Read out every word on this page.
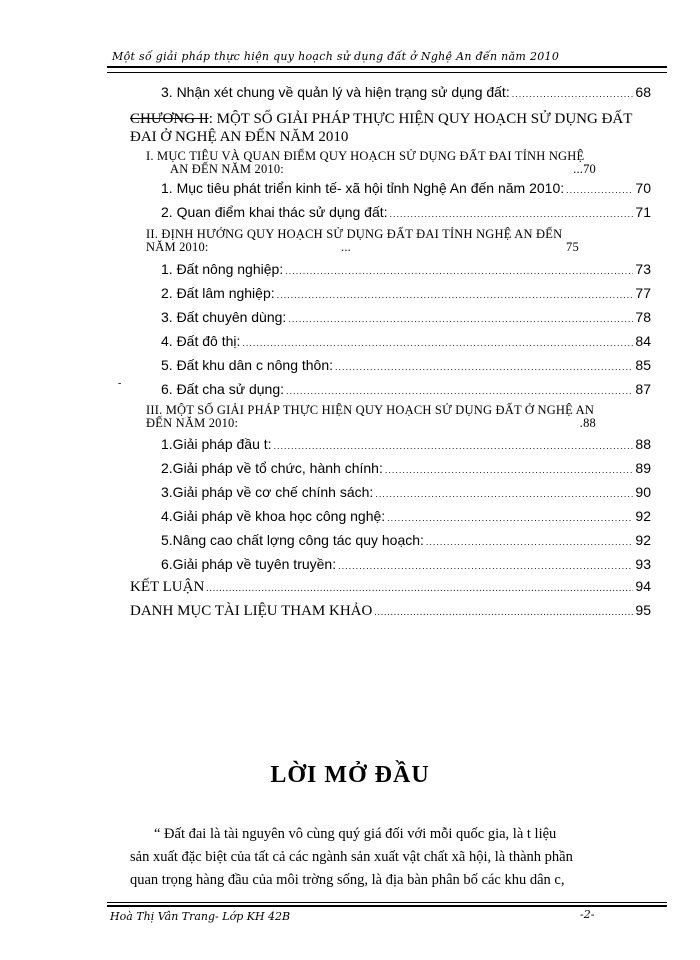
Một số giải pháp thực hiện quy hoạch sử dụng đất ở Nghệ An đến năm 2010
3. Nhận xét chung về quản lý và hiện trạng sử dụng đất: .....	68
CHƯƠNG II: MỘT SỐ GIẢI PHÁP THỰC HIỆN QUY HOẠCH SỬ DỤNG ĐẤT ĐAI Ở NGHỆ AN ĐẾN NĂM 2010
I. MỤC TIÊU VÀ QUAN ĐIỂM QUY HOẠCH SỬ DỤNG ĐẤT ĐAI TỈNH NGHỆ
AN ĐẾN NĂM 2010:	...70
1. Mục tiêu phát triển kinh tế- xã hội tỉnh Nghệ An đến năm 2010: .....	70
2. Quan điểm khai thác sử dụng đất: .....	71
II. ĐỊNH HƯỚNG QUY HOẠCH SỬ DỤNG ĐẤT ĐAI TỈNH NGHỆ AN ĐẾN
NĂM 2010:	...	75
1. Đất nông nghiệp: .....	73
2. Đất lâm nghiệp: .....	77
3. Đất chuyên dùng: .....	78
4. Đất đô thị: .....	84
5. Đất khu dân c nông thôn: .....	85
-	6. Đất cha sử dụng: .....	87
III. MỘT SỐ GIẢI PHÁP THỰC HIỆN QUY HOẠCH SỬ DỤNG ĐẤT Ở NGHỆ AN
ĐẾN NĂM 2010:	.88
1.Giải pháp đầu t: .....	88
2.Giải pháp về tổ chức, hành chính: .....	89
3.Giải pháp về cơ chế chính sách: .....	90
4.Giải pháp về khoa học công nghệ: .....	92
5.Nâng cao chất lợng công tác quy hoạch: .....	92
6.Giải pháp về tuyên truyền: .....	93
KẾT LUẬN .....	94
DANH MỤC TÀI LIỆU THAM KHẢO .....	95
LỜI MỞ ĐẦU
“ Đất đai là tài nguyên vô cùng quý giá đối với mỗi quốc gia, là t liệu
sản xuất đặc biệt của tất cả các ngành sản xuất vật chất xã hội, là thành phần
quan trọng hàng đầu của môi trờng sống, là địa bàn phân bố các khu dân c,
Hoà Thị Vân Trang- Lớp KH 42B	-2-
